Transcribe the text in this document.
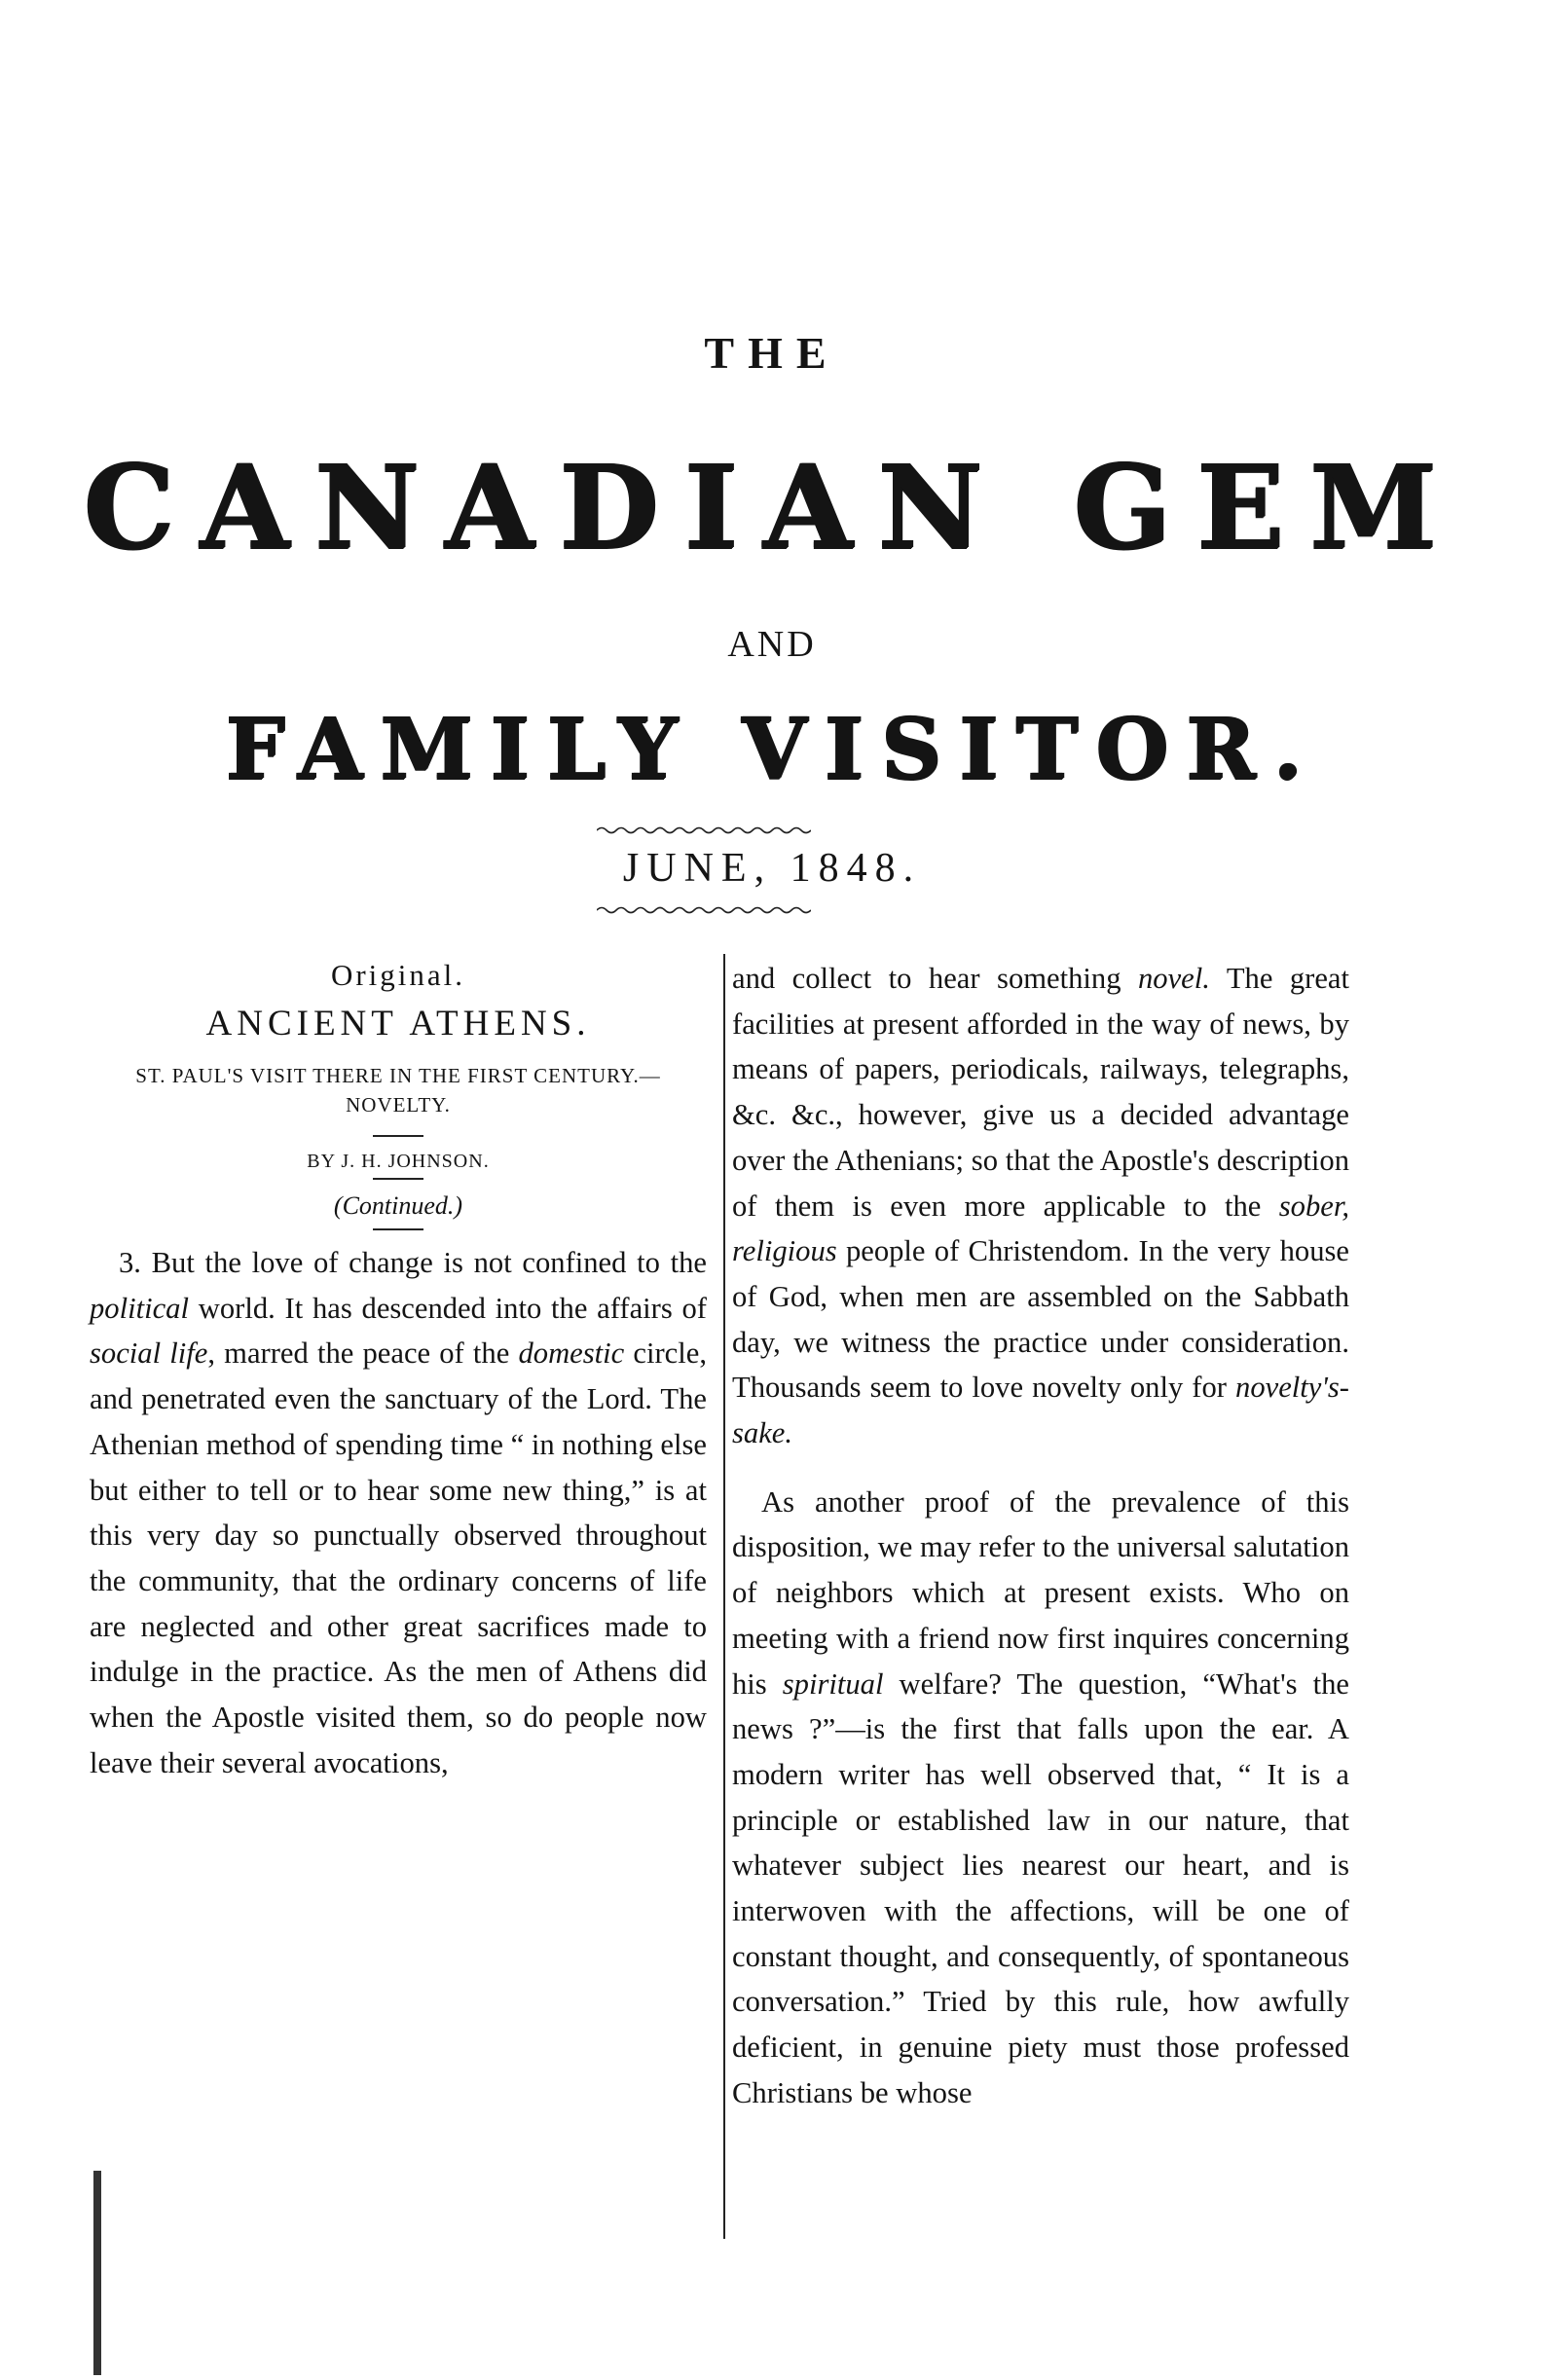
THE
CANADIAN GEM
AND
FAMILY VISITOR.
JUNE, 1848.
Original.
ANCIENT ATHENS.
ST. PAUL'S VISIT THERE IN THE FIRST CENTURY.—NOVELTY.
BY J. H. JOHNSON.
(Continued.)

3. But the love of change is not confined to the political world. It has descended into the affairs of social life, marred the peace of the domestic circle, and penetrated even the sanctuary of the Lord. The Athenian method of spending time “ in nothing else but either to tell or to hear some new thing,” is at this very day so punctually observed throughout the community, that the ordinary concerns of life are neglected and other great sacrifices made to indulge in the practice. As the men of Athens did when the Apostle visited them, so do people now leave their several avocations,

and collect to hear something novel. The great facilities at present afforded in the way of news, by means of papers, periodicals, railways, telegraphs, &c. &c., however, give us a decided advantage over the Athenians; so that the Apostle's description of them is even more applicable to the sober, religious people of Christendom. In the very house of God, when men are assembled on the Sabbath day, we witness the practice under consideration. Thousands seem to love novelty only for novelty's-sake.

As another proof of the prevalence of this disposition, we may refer to the universal salutation of neighbors which at present exists. Who on meeting with a friend now first inquires concerning his spiritual welfare? The question, “What's the news ?”—is the first that falls upon the ear. A modern writer has well observed that, “ It is a principle or established law in our nature, that whatever subject lies nearest our heart, and is interwoven with the affections, will be one of constant thought, and consequently, of spontaneous conversation.” Tried by this rule, how awfully deficient, in genuine piety must those professed Christians be whose
